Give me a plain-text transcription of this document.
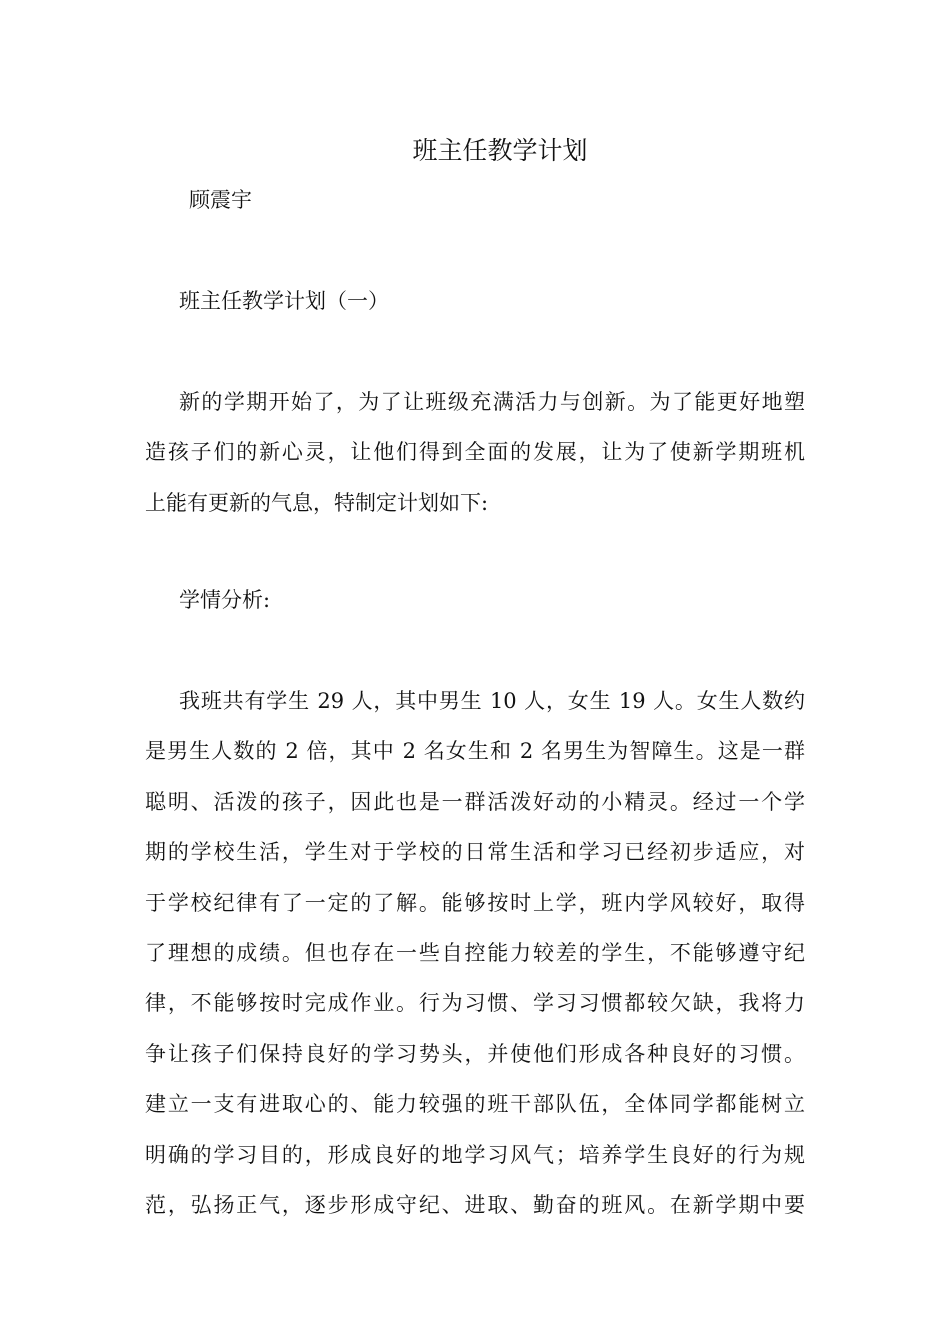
班主任教学计划
顾震宇
班主任教学计划（一）
新的学期开始了，为了让班级充满活力与创新。为了能更好地塑
造孩子们的新心灵，让他们得到全面的发展，让为了使新学期班机
上能有更新的气息，特制定计划如下:
学情分析:
我班共有学生 29 人，其中男生 10 人，女生 19 人。女生人数约
是男生人数的 2 倍，其中 2 名女生和 2 名男生为智障生。这是一群
聪明、活泼的孩子，因此也是一群活泼好动的小精灵。经过一个学
期的学校生活，学生对于学校的日常生活和学习已经初步适应，对
于学校纪律有了一定的了解。能够按时上学，班内学风较好，取得
了理想的成绩。但也存在一些自控能力较差的学生，不能够遵守纪
律，不能够按时完成作业。行为习惯、学习习惯都较欠缺，我将力
争让孩子们保持良好的学习势头，并使他们形成各种良好的习惯。
建立一支有进取心的、能力较强的班干部队伍，全体同学都能树立
明确的学习目的，形成良好的地学习风气；培养学生良好的行为规
范，弘扬正气，逐步形成守纪、进取、勤奋的班风。在新学期中要
